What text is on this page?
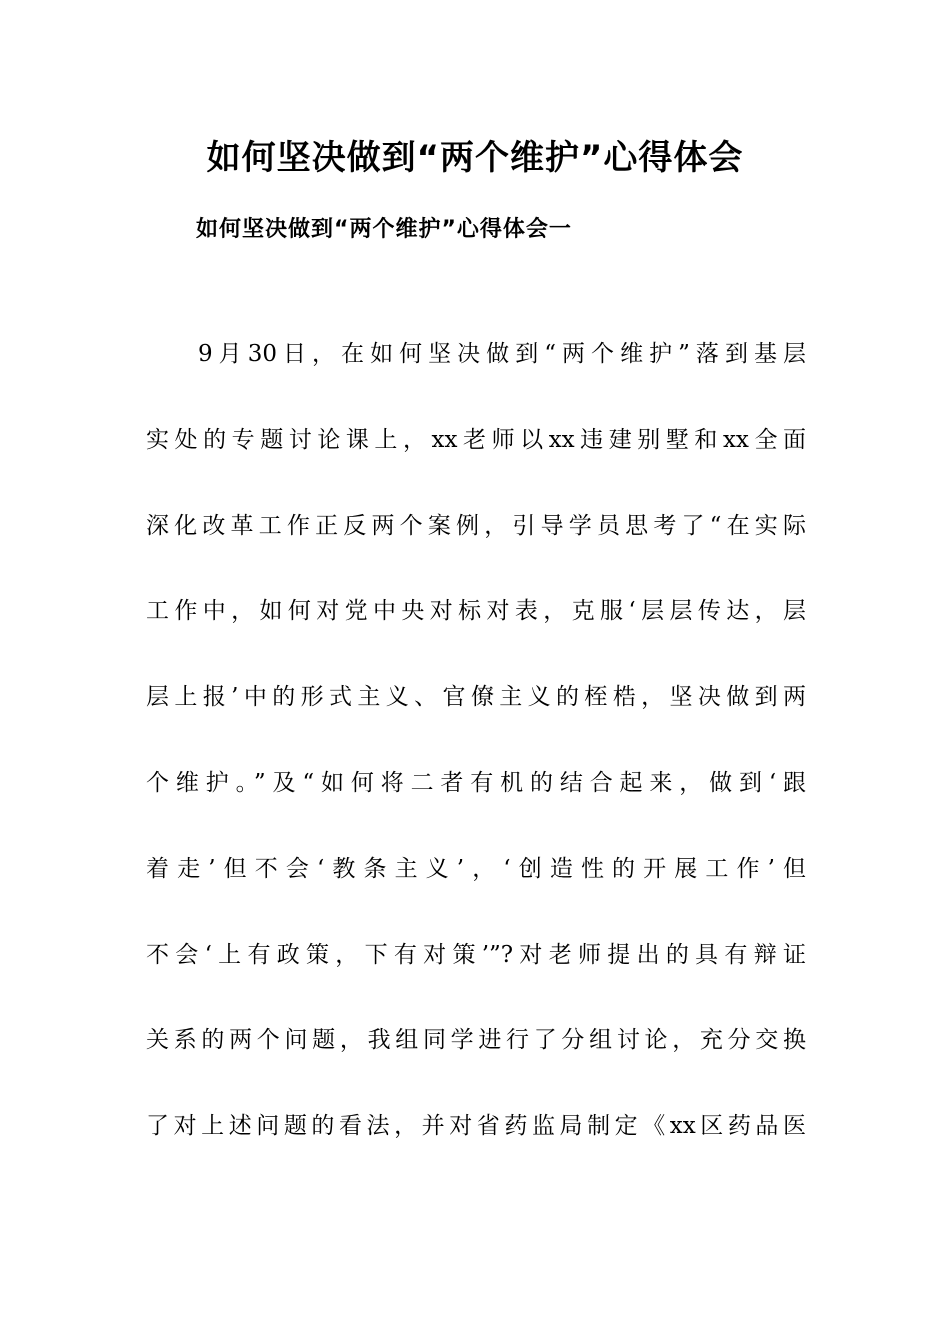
如何坚决做到“两个维护”心得体会
如何坚决做到“两个维护”心得体会一
9月30日，在如何坚决做到“两个维护”落到基层
实处的专题讨论课上，xx老师以xx违建别墅和xx全面
深化改革工作正反两个案例，引导学员思考了“在实际
工作中，如何对党中央对标对表，克服‘层层传达，层
层上报’中的形式主义、官僚主义的桎梏，坚决做到两
个维护。”及“如何将二者有机的结合起来，做到‘跟
着走’但不会‘教条主义’，‘创造性的开展工作’但
不会‘上有政策，下有对策’”?对老师提出的具有辩证
关系的两个问题，我组同学进行了分组讨论，充分交换
了对上述问题的看法，并对省药监局制定《xx区药品医
